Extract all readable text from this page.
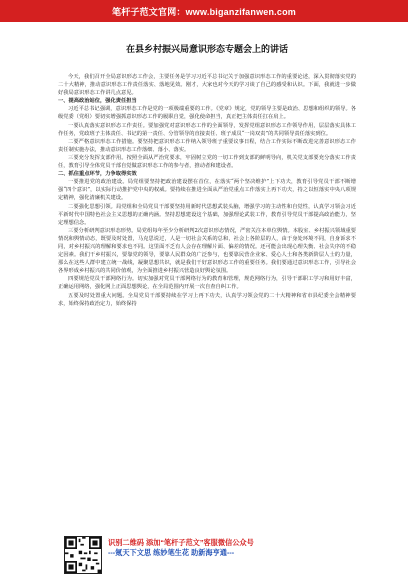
笔杆子范文官网：www.biganzifanwen.com
在县乡村振兴局意识形态专题会上的讲话
今天，我们召开全局意识形态工作会，主要任务是学习习近平总书记关于加强意识形态工作的重要论述，深入贯彻落实党的二十大精神，推动意识形态工作责任落实、落地见效。刚才，大家也对今天的学习谈了自己的感受和认识。下面，我就进一步做好我局意识形态工作讲几点意见。
一、提高政治站位，强化责任担当
习近平总书记强调，意识形态工作是党的一项极端重要的工作。《党章》规定，党的领导主要是政治、思想和组织的领导。各级党委（党组）要切实增强抓意识形态工作的履职自觉，强化使命担当，真正把主体责任扛在肩上。
一要认真落实意识形态工作责任。要加强党对意识形态工作的全面领导，发挥党组意识形态工作领导作用，层层落实具体工作任务，党政班子主体责任、书记的第一责任、分管领导的直接责任、班子成员“一岗双责”的共同领导责任落实到位。
二要严格意识形态工作措施。要坚持把意识形态工作纳入领导班子重要议事日程，结合工作实际不断改进完善意识形态工作责任制实施办法，推动意识形态工作落细、落小、落实。
三要充分发挥支部作用。按照全面从严治党要求，牢固树立党的一切工作到支部的鲜明导向，机关党支部要充分落实工作责任，教育引导全体党员干部自觉做意识形态工作的参与者，推动者和建设者。
二、抓住重点环节，力争取得实效
一要推进党的政治建设。局党组要坚持把政治建设摆在首位，在落实“两个坚决维护”上下功夫，教育引导党员干部不断增强“四个意识”，以实际行动推护党中央的权威。要持续在推进全面从严治党重点工作落实上再下功夫，持之以恒落实中央八项规定精神，强化清廉机关建设。
二要强化思想引领。局党组和全局党员干部要坚持用新时代思想武装头脑，增强学习的主动性和自觉性，认真学习领会习近平新时代中国特色社会主义思想的正确内涵。坚持思想建设这个基础，加强理论武装工作，教育引导党员干部提高政治能力，坚定理想信念。
三要分析研判意识形态形势。局党组每年至少分析研判2次意识形态情况，严密关注本单位舆情。本股室、乡村振兴领域重要情况和舆情动态，既要及时处置，马克思说过，人是一切社会关系的总和，社会上各阶层的人，由于身处环境不同，自身诉求不同，对乡村振兴的理解和要求也不同。这里面不乏有人会存在理解片面、偏差的情况。还可能会出现心理失衡、社会失序的不稳定因素。我们干乡村振兴，要靠党的领导，要靠人民群众的广泛参与，也要靠民营企业家、爱心人士和各类新阶层人士的力量，那么在这些人群中建立统一战线，凝聚思想共识，就是我们干好意识形态工作的重要任务。我们要通过意识形态工作，引导社会各界形成乡村振兴的共同价值观，为全面推进乡村振兴营造良好舆论氛围。
四要规范党员干部网络行为。切实加强对党员干部网络行为的教育和管理，规范网络行为，引导干部职工学习和用好丰富，正确运用网络，强化网上正面思想舆论，在全局范围内开展一次自查自纠工作。
五要及时处置重大问题。全局党员干部要持续在学习上再下功夫，认真学习领会党的二十大精神和省市县纪委全会精神要求，始终保持政治定力，始终保持
识别二维码 添加“笔杆子范文”客服微信公众号
---氪天下文思 练妙笔生花 助新海亨通---
